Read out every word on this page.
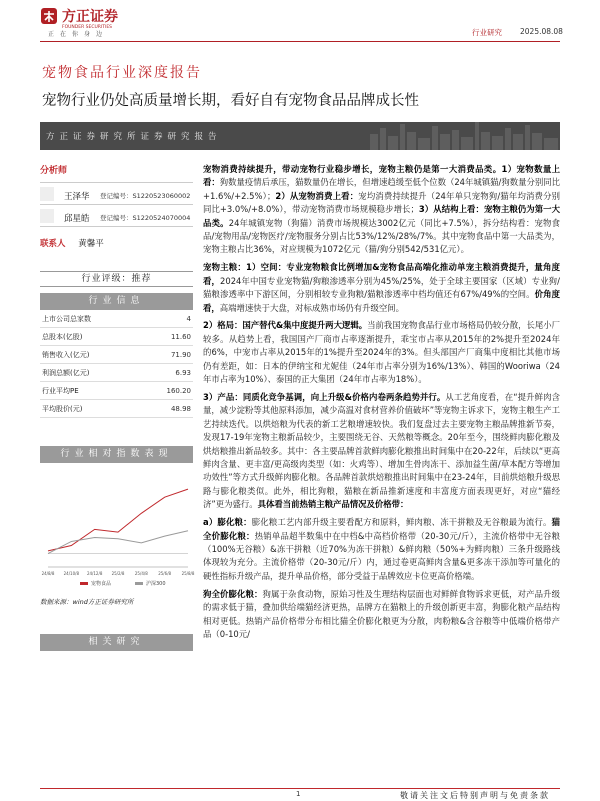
方正证券
FOUNDER SECURITIES
正在你身边	行业研究 2025.08.08
宠物食品行业深度报告
宠物行业仍处高质量增长期，看好自有宠物食品品牌成长性
方正证券研究所证券研究报告
分析师
王泽华 登记编号：S1220523060002
邱星皓 登记编号：S1220524070004
联系人 黄馨平
行业评级：推荐
行业信息
上市公司总家数	4
总股本(亿股)	11.60
销售收入(亿元)	71.90
利润总额(亿元)	6.93
行业平均PE	160.20
平均股价(元)	48.98
行业相对指数表现
24/8/8 24/10/8 24/12/8 25/2/8	25/4/8	25/6/8	25/8/8
宠物食品	沪深300
数据来源：wind方正证券研究所
相关研究

宠物消费持续提升，带动宠物行业稳步增长，宠物主粮仍是第一大消费品类。1）宠物数量上看：狗数量疫情后承压，猫数量仍在增长，但增速趋缓至低个位数（24年城镇猫/狗数量分别同比+1.6%/+2.5%）；2）从宠物消费上看：宠均消费持续提升（24年单只宠物狗/猫年均消费分别同比+3.0%/+8.0%），带动宠物消费市场规模稳步增长；3）从结构上看：宠物主粮仍为第一大品类。24年城镇宠物（狗猫）消费市场规模达3002亿元（同比+7.5%），拆分结构看：宠物食品/宠物用品/宠物医疗/宠物服务分别占比53%/12%/28%/7%。其中宠物食品中第一大品类为，宠物主粮占比36%，对应规模为1072亿元（猫/狗分别542/531亿元）。

宠物主粮：1）空间：专业宠物粮食比例增加&宠物食品高端化推动单宠主粮消费提升，量角度看，2024年中国专业宠物猫/狗粮渗透率分别为45%/25%，处于全球主要国家（区域）专业狗/猫粮渗透率中下游区间，分别相较专业狗粮/猫粮渗透率中档均值还有67%/49%的空间。价角度看，高端增速快于大盘，对标成熟市场仍有升级空间。

2）格局：国产替代&集中度提升两大逻辑。当前我国宠物食品行业市场格局仍较分散，长尾小厂较多。从趋势上看，我国国产厂商市占率逐渐提升，乖宝市占率从2015年的2%提升至2024年的6%，中宠市占率从2015年的1%提升至2024年的3%。但头部国产厂商集中度相比其他市场仍有差距，如：日本的伊纳宝和尤妮佳（24年市占率分别为16%/13%）、韩国的Wooriwa（24年市占率为10%）、泰国的正大集团（24年市占率为18%）。

3）产品：同质化竞争基调，向上升级&价格内卷两条趋势并行。从工艺角度看，在“提升鲜肉含量，减少淀粉等其他原料添加，减少高温对食材营养价值破坏”等宠物主诉求下，宠物主粮生产工艺持续迭代。以烘焙粮为代表的新工艺粮增速较快。我们复盘过去主要宠物主粮品牌推新节奏，发现17-19年宠物主粮新品较少，主要围绕无谷、天然粮等概念。20年至今，围绕鲜肉膨化粮及烘焙粮推出新品较多。其中：各主要品牌首款鲜肉膨化粮推出时间集中在20-22年，后续以“更高鲜肉含量、更丰富/更高级肉类型（如：火鸡等）、增加生骨肉冻干、添加益生菌/草本配方等增加功效性”等方式升级鲜肉膨化粮。各品牌首款烘焙粮推出时间集中在23-24年，目前烘焙粮升级思路与膨化粮类似。此外，相比狗粮，猫粮在新品推新速度和丰富度方面表现更好，对应“猫经济”更为盛行。具体看当前热销主粮产品情况及价格带：

a）膨化粮：膨化粮工艺内部升级主要看配方和原料，鲜肉粮、冻干拼粮及无谷粮最为流行。猫全价膨化粮：热销单品超半数集中在中档&中高档价格带（20-30元/斤），主流价格带中无谷粮（100%无谷粮）&冻干拼粮（近70%为冻干拼粮）&鲜肉粮（50%+为鲜肉粮）三条升级路线体现较为充分。主流价格带（20-30元/斤）内，通过卷更高鲜肉含量&更多冻干添加等可量化的硬性指标升级产品，提升单品价格，部分受益于品牌效应卡位更高价格端。

狗全价膨化粮：狗属于杂食动物，原始习性及生理结构层面也对鲜鲜食物诉求更低，对产品升级的需求低于猫，叠加供给端猫经济更热，品牌方在猫粮上的升级创新更丰富，狗膨化粮产品结构相对更低。热销产品价格带分布相比猫全价膨化粮更为分散，肉粉粮&含谷粮等中低端价格带产品（0-10元/

1	敬请关注文后特别声明与免责条款
